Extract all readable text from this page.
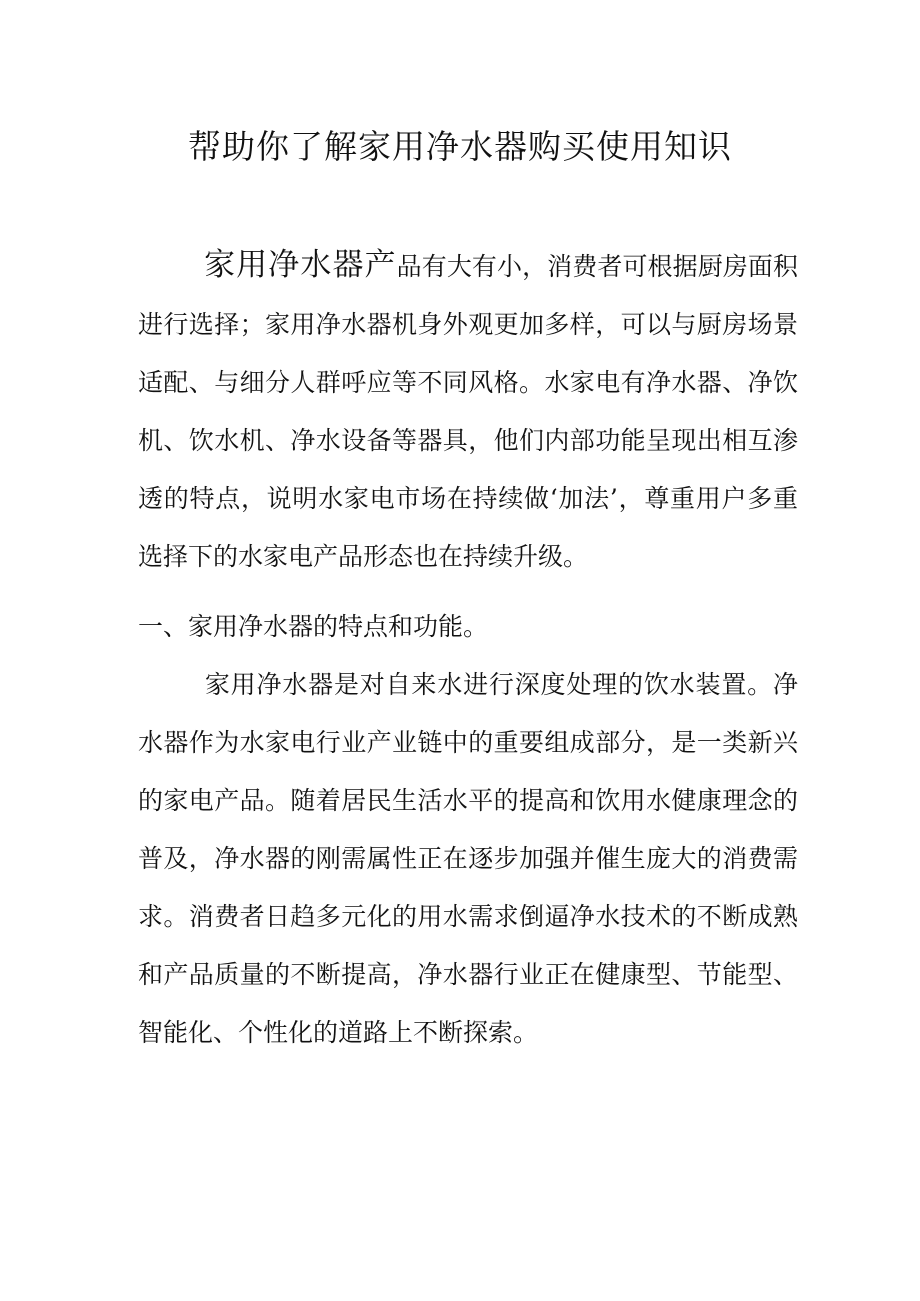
帮助你了解家用净水器购买使用知识

家用净水器产品有大有小，消费者可根据厨房面积进行选择；家用净水器机身外观更加多样，可以与厨房场景适配、与细分人群呼应等不同风格。水家电有净水器、净饮机、饮水机、净水设备等器具，他们内部功能呈现出相互渗透的特点，说明水家电市场在持续做‘加法’，尊重用户多重选择下的水家电产品形态也在持续升级。

一、家用净水器的特点和功能。

家用净水器是对自来水进行深度处理的饮水装置。净水器作为水家电行业产业链中的重要组成部分，是一类新兴的家电产品。随着居民生活水平的提高和饮用水健康理念的普及，净水器的刚需属性正在逐步加强并催生庞大的消费需求。消费者日趋多元化的用水需求倒逼净水技术的不断成熟和产品质量的不断提高，净水器行业正在健康型、节能型、智能化、个性化的道路上不断探索。
